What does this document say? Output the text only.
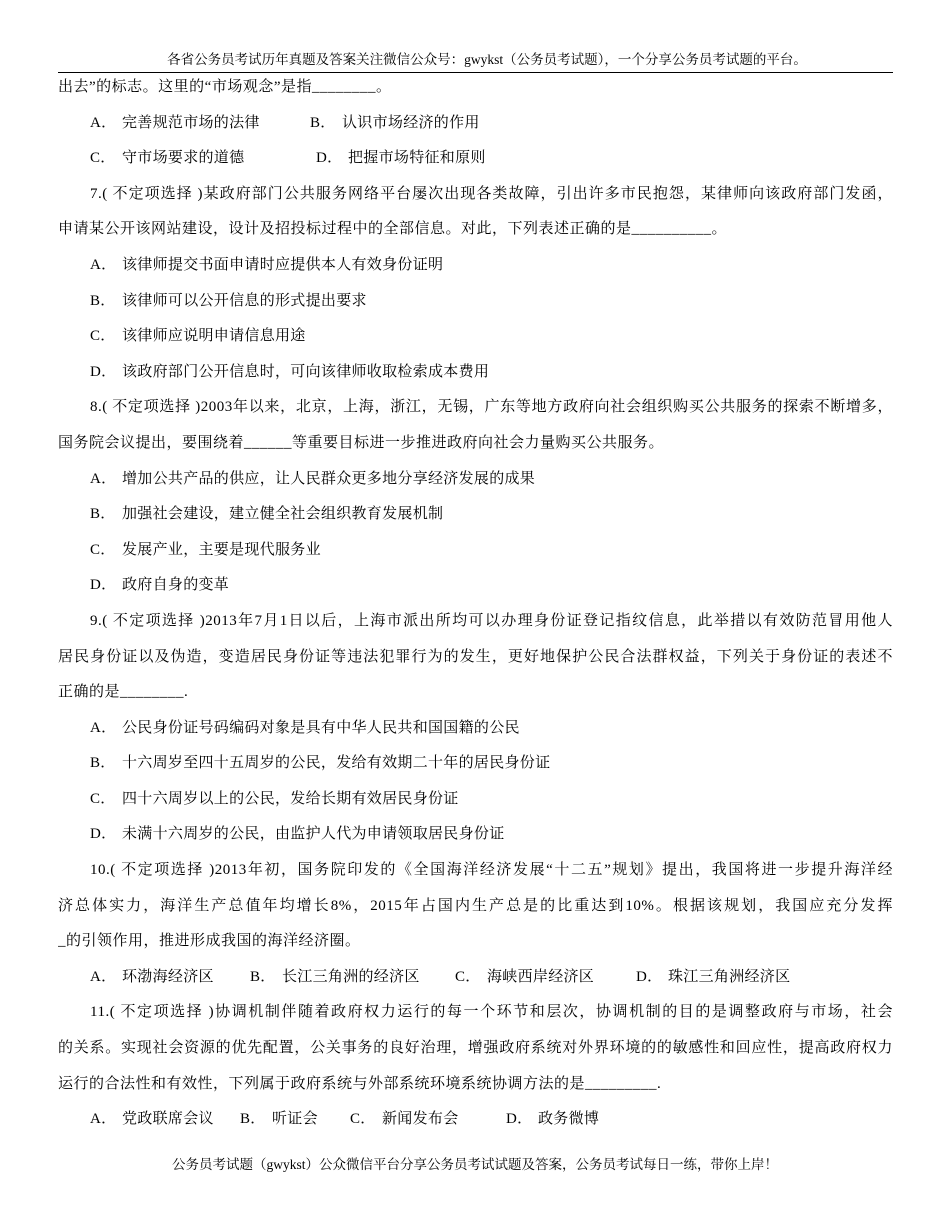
各省公务员考试历年真题及答案关注微信公众号：gwykst（公务员考试题），一个分享公务员考试题的平台。
出去”的标志。这里的“市场观念”是指________。
A． 完善规范市场的法律	B． 认识市场经济的作用
C． 守市场要求的道德	D． 把握市场特征和原则
7.( 不定项选择 )某政府部门公共服务网络平台屡次出现各类故障，引出许多市民抱怨，某律师向该政府部门发函，
申请某公开该网站建设，设计及招投标过程中的全部信息。对此，下列表述正确的是__________。
A． 该律师提交书面申请时应提供本人有效身份证明
B． 该律师可以公开信息的形式提出要求
C． 该律师应说明申请信息用途
D． 该政府部门公开信息时，可向该律师收取检索成本费用
8.( 不定项选择 )2003年以来，北京，上海，浙江，无锡，广东等地方政府向社会组织购买公共服务的探索不断增多，
国务院会议提出，要围绕着______等重要目标进一步推进政府向社会力量购买公共服务。
A． 增加公共产品的供应，让人民群众更多地分享经济发展的成果
B． 加强社会建设，建立健全社会组织教育发展机制
C． 发展产业，主要是现代服务业
D． 政府自身的变革
9.( 不定项选择 )2013年7月1日以后，上海市派出所均可以办理身份证登记指纹信息，此举措以有效防范冒用他人
居民身份证以及伪造，变造居民身份证等违法犯罪行为的发生，更好地保护公民合法群权益，下列关于身份证的表述不
正确的是________.
A． 公民身份证号码编码对象是具有中华人民共和国国籍的公民
B． 十六周岁至四十五周岁的公民，发给有效期二十年的居民身份证
C． 四十六周岁以上的公民，发给长期有效居民身份证
D． 未满十六周岁的公民，由监护人代为申请领取居民身份证
10.( 不定项选择 )2013年初，国务院印发的《全国海洋经济发展“十二五”规划》提出，我国将进一步提升海洋经
济总体实力，海洋生产总值年均增长8%，2015年占国内生产总是的比重达到10%。根据该规划，我国应充分发挥
_的引领作用，推进形成我国的海洋经济圈。
A． 环渤海经济区 B． 长江三角洲的经济区 C． 海峡西岸经济区	D． 珠江三角洲经济区
11.( 不定项选择 )协调机制伴随着政府权力运行的每一个环节和层次，协调机制的目的是调整政府与市场，社会
的关系。实现社会资源的优先配置，公关事务的良好治理，增强政府系统对外界环境的的敏感性和回应性，提高政府权力
运行的合法性和有效性，下列属于政府系统与外部系统环境系统协调方法的是_________.
A． 党政联席会议 B． 听证会 C． 新闻发布会	D． 政务微博
公务员考试题（gwykst）公众微信平台分享公务员考试试题及答案，公务员考试每日一练，带你上岸！
